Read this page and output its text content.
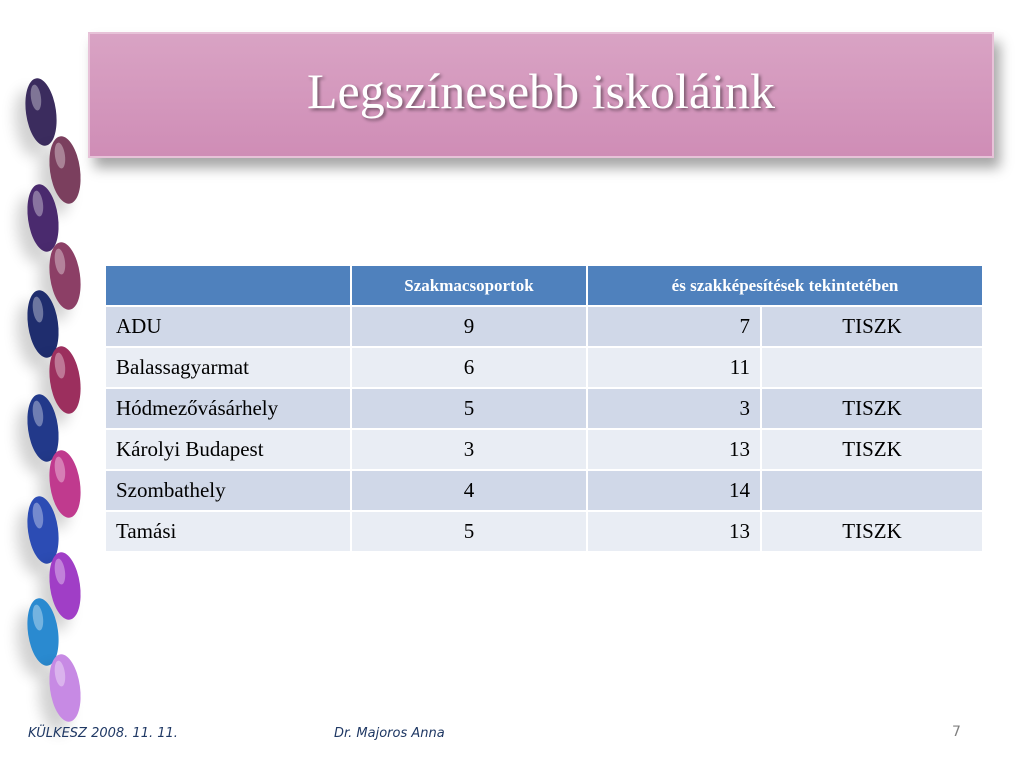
Legszínesebb iskoláink
	Szakmacsoportok	és szakképesítések tekintetében	
ADU	9	7	TISZK
Balassagyarmat	6	11	
Hódmezővásárhely	5	3	TISZK
Károlyi Budapest	3	13	TISZK
Szombathely	4	14	
Tamási	5	13	TISZK
KÜLKESZ 2008. 11. 11.	Dr. Majoros Anna	7
